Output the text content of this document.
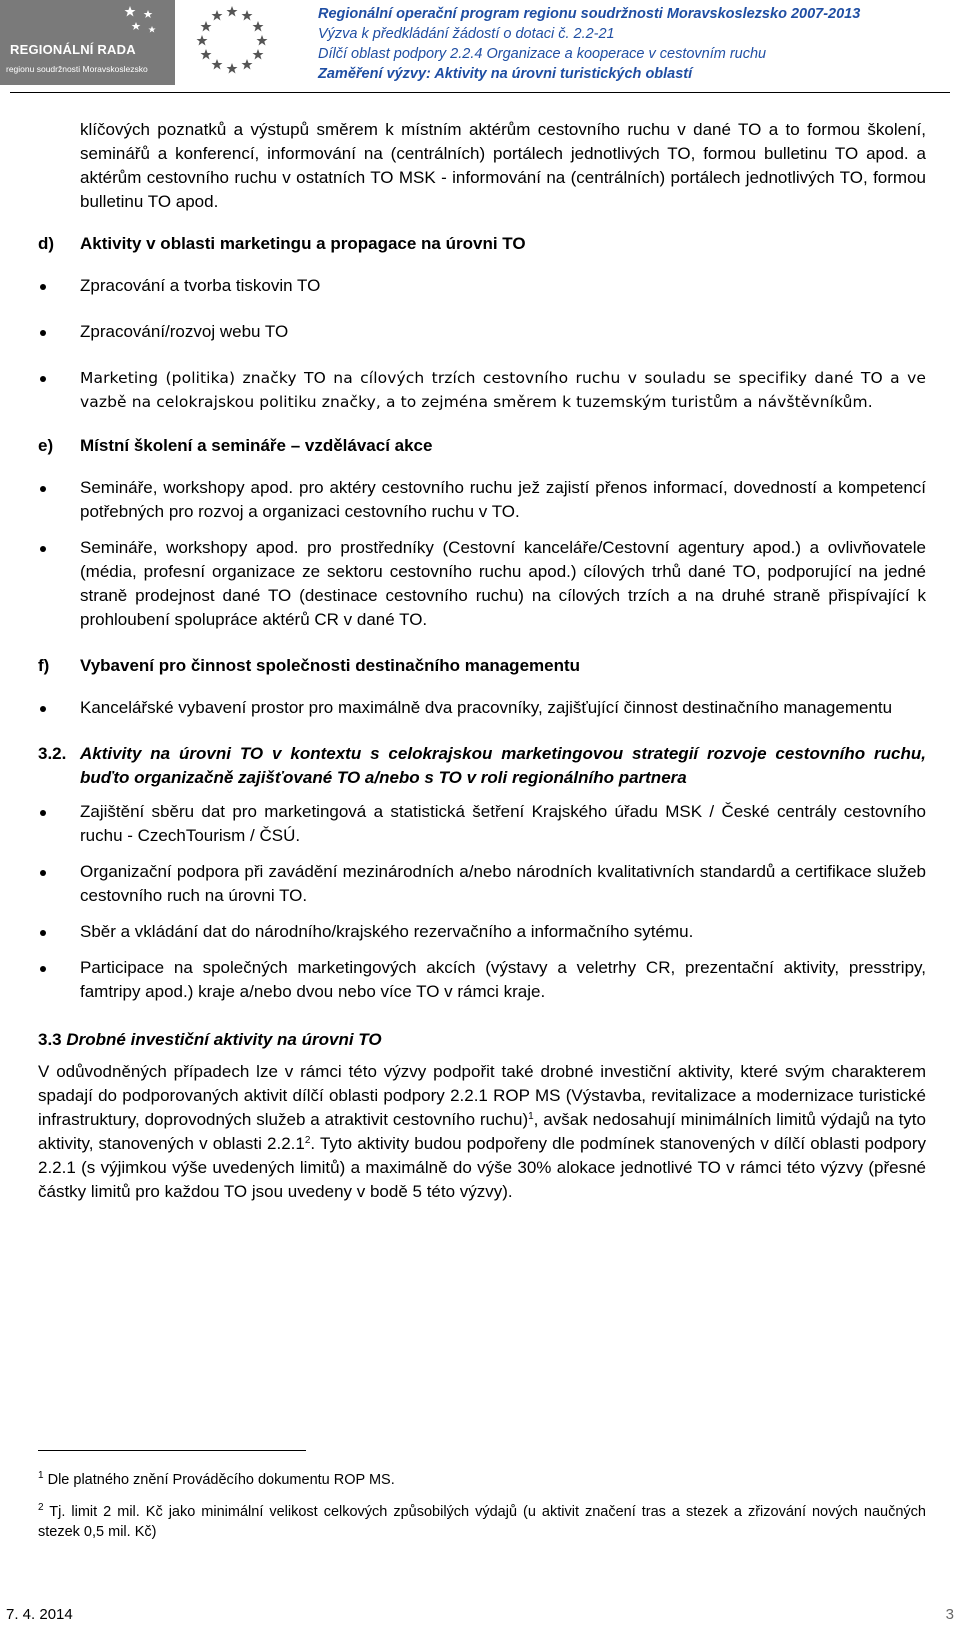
REGIONÁLNÍ RADA
regionu soudržnosti Moravskoslezsko
Regionální operační program regionu soudržnosti Moravskoslezsko 2007-2013
Výzva k předkládání žádostí o dotaci č. 2.2-21
Dílčí oblast podpory 2.2.4 Organizace a kooperace v cestovním ruchu
Zaměření výzvy: Aktivity na úrovni turistických oblastí

klíčových poznatků a výstupů směrem k místním aktérům cestovního ruchu v dané TO a to formou školení, seminářů a konferencí, informování na (centrálních) portálech jednotlivých TO, formou bulletinu TO apod. a aktérům cestovního ruchu v ostatních TO MSK - informování na (centrálních) portálech jednotlivých TO, formou bulletinu TO apod.

d)	Aktivity v oblasti marketingu a propagace na úrovni TO
Zpracování a tvorba tiskovin TO
Zpracování/rozvoj webu TO
Marketing (politika) značky TO na cílových trzích cestovního ruchu v souladu se specifiky dané TO a ve vazbě na celokrajskou politiku značky, a to zejména směrem k tuzemským turistům a návštěvníkům.
e)	Místní školení a semináře – vzdělávací akce
Semináře, workshopy apod. pro aktéry cestovního ruchu jež zajistí přenos informací, dovedností a kompetencí potřebných pro rozvoj a organizaci cestovního ruchu v TO.
Semináře, workshopy apod. pro prostředníky (Cestovní kanceláře/Cestovní agentury apod.) a ovlivňovatele (média, profesní organizace ze sektoru cestovního ruchu apod.) cílových trhů dané TO, podporující na jedné straně prodejnost dané TO (destinace cestovního ruchu) na cílových trzích a na druhé straně přispívající k prohloubení spolupráce aktérů CR v dané TO.
f)	Vybavení pro činnost společnosti destinačního managementu
Kancelářské vybavení prostor pro maximálně dva pracovníky, zajišťující činnost destinačního managementu
3.2. Aktivity na úrovni TO v kontextu s celokrajskou marketingovou strategií rozvoje cestovního ruchu, buďto organizačně zajišťované TO a/nebo s TO v roli regionálního partnera
Zajištění sběru dat pro marketingová a statistická šetření Krajského úřadu MSK / České centrály cestovního ruchu - CzechTourism / ČSÚ.
Organizační podpora při zavádění mezinárodních a/nebo národních kvalitativních standardů a certifikace služeb cestovního ruch na úrovni TO.
Sběr a vkládání dat do národního/krajského rezervačního a informačního sytému.
Participace na společných marketingových akcích (výstavy a veletrhy CR, prezentační aktivity, presstripy, famtripy apod.) kraje a/nebo dvou nebo více TO v rámci kraje.
3.3 Drobné investiční aktivity na úrovni TO

V odůvodněných případech lze v rámci této výzvy podpořit také drobné investiční aktivity, které svým charakterem spadají do podporovaných aktivit dílčí oblasti podpory 2.2.1 ROP MS (Výstavba, revitalizace a modernizace turistické infrastruktury, doprovodných služeb a atraktivit cestovního ruchu)$^1$, avšak nedosahují minimálních limitů výdajů na tyto aktivity, stanovených v oblasti 2.2.1$^2$. Tyto aktivity budou podpořeny dle podmínek stanovených v dílčí oblasti podpory 2.2.1 (s výjimkou výše uvedených limitů) a maximálně do výše 30% alokace jednotlivé TO v rámci této výzvy (přesné částky limitů pro každou TO jsou uvedeny v bodě 5 této výzvy).

$^1$ Dle platného znění Prováděcího dokumentu ROP MS.

$^2$ Tj. limit 2 mil. Kč jako minimální velikost celkových způsobilých výdajů (u aktivit značení tras a stezek a zřizování nových naučných stezek 0,5 mil. Kč)

7. 4. 2014	3
